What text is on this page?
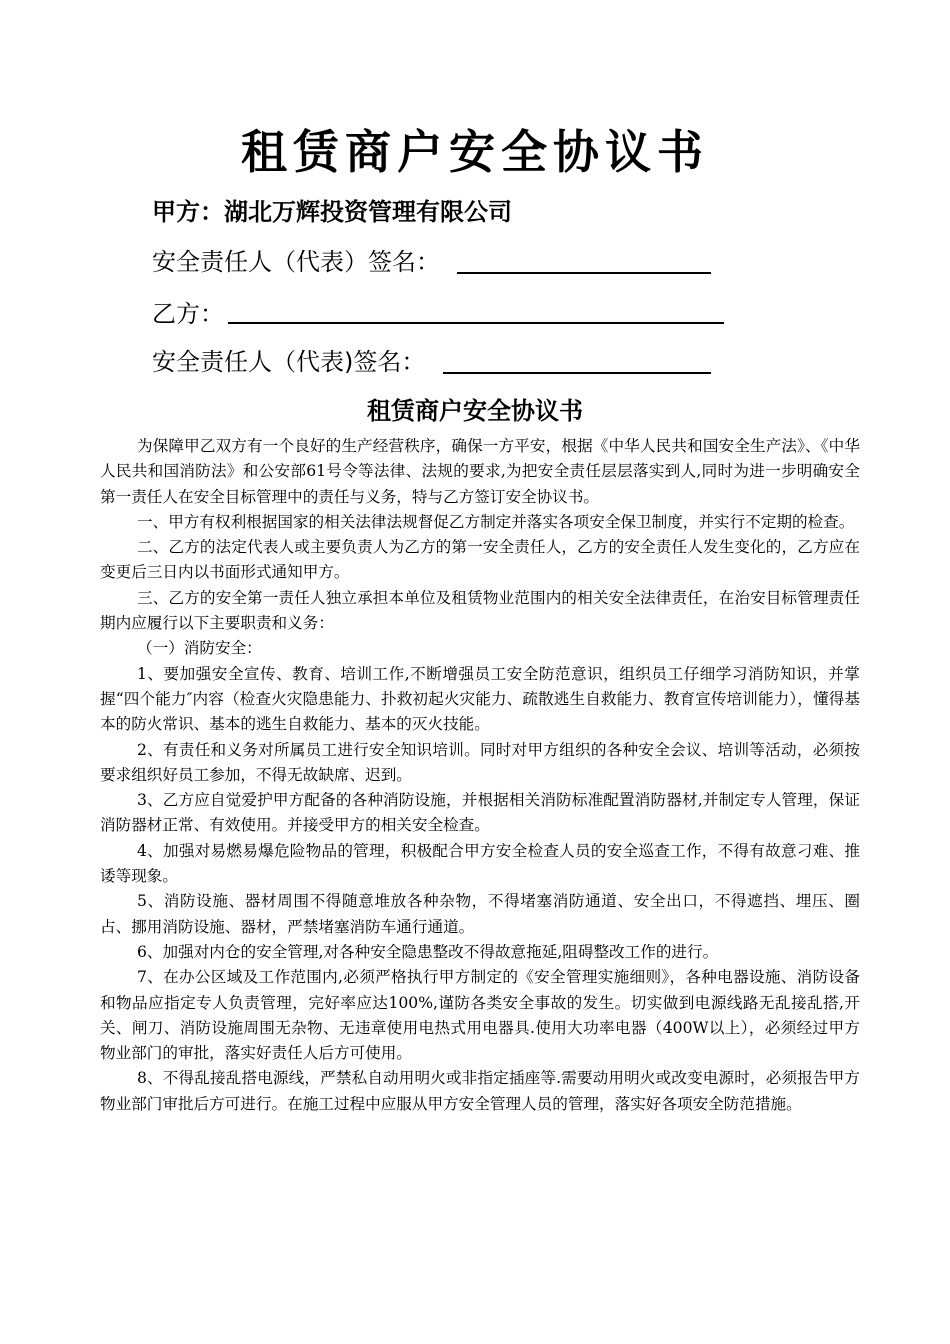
租赁商户安全协议书
甲方：湖北万辉投资管理有限公司
安全责任人（代表）签名：
乙方：
安全责任人（代表)签名：
租赁商户安全协议书

为保障甲乙双方有一个良好的生产经营秩序，确保一方平安，根据《中华人民共和国安全生产法》、《中华人民共和国消防法》和公安部61号令等法律、法规的要求,为把安全责任层层落实到人,同时为进一步明确安全第一责任人在安全目标管理中的责任与义务，特与乙方签订安全协议书。

一、甲方有权利根据国家的相关法律法规督促乙方制定并落实各项安全保卫制度，并实行不定期的检查。

二、乙方的法定代表人或主要负责人为乙方的第一安全责任人，乙方的安全责任人发生变化的，乙方应在变更后三日内以书面形式通知甲方。

三、乙方的安全第一责任人独立承担本单位及租赁物业范围内的相关安全法律责任，在治安目标管理责任期内应履行以下主要职责和义务：

（一）消防安全：

1、要加强安全宣传、教育、培训工作,不断增强员工安全防范意识，组织员工仔细学习消防知识，并掌握“四个能力″内容（检查火灾隐患能力、扑救初起火灾能力、疏散逃生自救能力、教育宣传培训能力），懂得基本的防火常识、基本的逃生自救能力、基本的灭火技能。

2、有责任和义务对所属员工进行安全知识培训。同时对甲方组织的各种安全会议、培训等活动，必须按要求组织好员工参加，不得无故缺席、迟到。

3、乙方应自觉爱护甲方配备的各种消防设施，并根据相关消防标准配置消防器材,并制定专人管理，保证消防器材正常、有效使用。并接受甲方的相关安全检查。

4、加强对易燃易爆危险物品的管理，积极配合甲方安全检查人员的安全巡查工作，不得有故意刁难、推诿等现象。

5、消防设施、器材周围不得随意堆放各种杂物，不得堵塞消防通道、安全出口，不得遮挡、埋压、圈占、挪用消防设施、器材，严禁堵塞消防车通行通道。

6、加强对内仓的安全管理,对各种安全隐患整改不得故意拖延,阻碍整改工作的进行。

7、在办公区域及工作范围内,必须严格执行甲方制定的《安全管理实施细则》，各种电器设施、消防设备和物品应指定专人负责管理，完好率应达100%,谨防各类安全事故的发生。切实做到电源线路无乱接乱搭,开关、闸刀、消防设施周围无杂物、无违章使用电热式用电器具.使用大功率电器（400W以上），必须经过甲方物业部门的审批，落实好责任人后方可使用。

8、不得乱接乱搭电源线，严禁私自动用明火或非指定插座等.需要动用明火或改变电源时，必须报告甲方物业部门审批后方可进行。在施工过程中应服从甲方安全管理人员的管理，落实好各项安全防范措施。
